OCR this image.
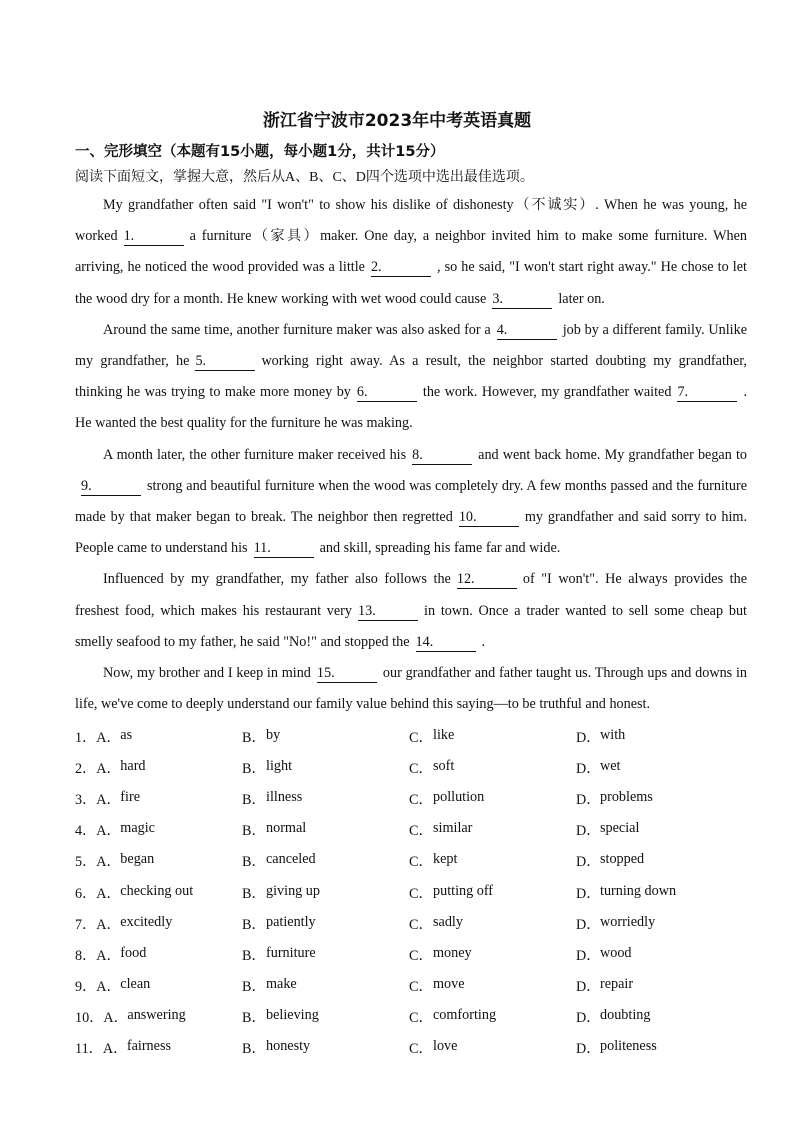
浙江省宁波市2023年中考英语真题
一、完形填空（本题有15小题，每小题1分，共计15分）
阅读下面短文，掌握大意，然后从A、B、C、D四个选项中选出最佳选项。

My grandfather often said "I won't" to show his dislike of dishonesty（不诚实）. When he was young, he worked 1.	a furniture（家具）maker. One day, a neighbor invited him to make some furniture. When arriving, he noticed the wood provided was a little 2.	, so he said, "I won't start right away." He chose to let the wood dry for a month. He knew working with wet wood could cause 3.	later on.

Around the same time, another furniture maker was also asked for a 4.	job by a different family. Unlike my grandfather, he 5.	working right away. As a result, the neighbor started doubting my grandfather, thinking he was trying to make more money by 6.	the work. However, my grandfather waited 7.	. He wanted the best quality for the furniture he was making.

A month later, the other furniture maker received his 8.	and went back home. My grandfather began to9.	strong and beautiful furniture when the wood was completely dry. A few months passed and the furniture made by that maker began to break. The neighbor then regretted 10.	my grandfather and said sorry to him. People came to understand his 11.	and skill, spreading his fame far and wide.

Influenced by my grandfather, my father also follows the 12.	of "I won't". He always provides the freshest food, which makes his restaurant very 13.	in town. Once a trader wanted to sell some cheap but smelly seafood to my father, he said "No!" and stopped the 14.	.

Now, my brother and I keep in mind 15.	our grandfather and father taught us. Through ups and downs in life, we've come to deeply understand our family value behind this saying—to be truthful and honest.

1． A． as	B． by	C． like	D． with
2． A． hard	B． light	C． soft	D． wet
3． A． fire	B． illness	C． pollution	D． problems
4． A． magic	B． normal	C． similar	D． special
5． A． began	B． canceled	C． kept	D． stopped
6． A． checking out	B． giving up	C． putting off	D． turning down
7． A． excitedly	B． patiently	C． sadly	D． worriedly
8． A． food	B． furniture	C． money	D． wood
9． A． clean	B． make	C． move	D． repair
10． A． answering	B． believing	C． comforting	D． doubting
11． A． fairness	B． honesty	C． love	D． politeness
